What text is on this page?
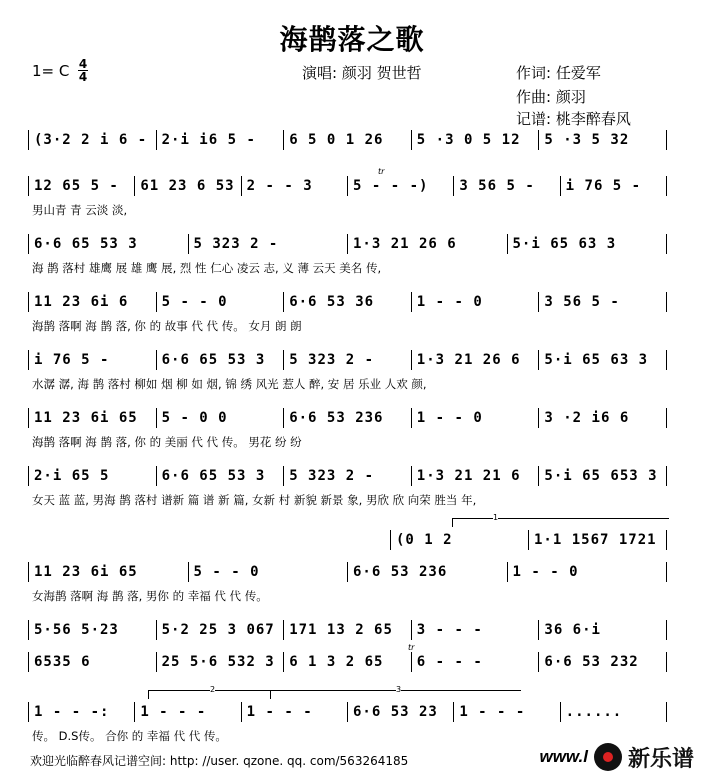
海鹊落之歌
1= C 4
4	演唱: 颜羽 贺世哲	作词: 任爱军
作曲: 颜羽
记谱: 桃李醉春风
(3·2 2 i 6 -	2·i i6 5 -	6 5 0 1 26	5 ·3 0 5 12	5 ·3 5 32
12 65 5 -	61 23 6 53 2 - - 3	5 - - -)	3 56 5 -	i 76 5 -
男山青 青 云淡 淡,
tr
6·6 65 53 3	5 323 2 -	1·3 21 26 6	5·i 65 63 3
海 鹊 落村 雄鹰 展 雄 鹰 展, 烈 性 仁心 凌云 志, 义 薄 云天 美名 传,
11 23 6i 6	5 - - 0	6·6 53 36	1 - - 0	3 56 5 -
海鹊 落啊 海 鹊 落, 你 的 故事 代 代 传。 女月 朗 朗
i 76 5 -	6·6 65 53 3	5 323 2 -	1·3 21 26 6	5·i 65 63 3
水潺 潺, 海 鹊 落村 柳如 烟 柳 如 烟, 锦 绣 风光 惹人 醉, 安 居 乐业 人欢 颜,
11 23 6i 65	5 - 0 0	6·6 53 236	1 - - 0	3 ·2 i6 6
海鹊 落啊 海 鹊 落, 你 的 美丽 代 代 传。 男花 纷 纷
2·i 65 5	6·6 65 53 3	5 323 2 -	1·3 21 21 6	5·i 65 653 3
女天 蓝 蓝, 男海 鹊 落村 谱新 篇 谱 新 篇, 女新 村 新貌 新景 象, 男欣 欣 向荣 胜当 年,
(0 1 2	1·1 1567 1721
1
11 23 6i 65	5 - - 0	6·6 53 236	1 - - 0
女海鹊 落啊 海 鹊 落, 男你 的 幸福 代 代 传。
5·56 5·23	5·2 25 3 067	171 13 2 65	3 - - -	36 6·i
6535 6	25 5·6 532 3	6 1 3 2 65	6 - - -	6·6 53 232
tr
1 - - -:	1 - - -	1 - - -	6·6 53 23	1 - - -	......
传。 D.S传。 合你 的 幸福 代 代 传。
2	3
欢迎光临醉春风记谱空间: http: //user. qzone. qq. com/563264185	www.l 新乐谱
